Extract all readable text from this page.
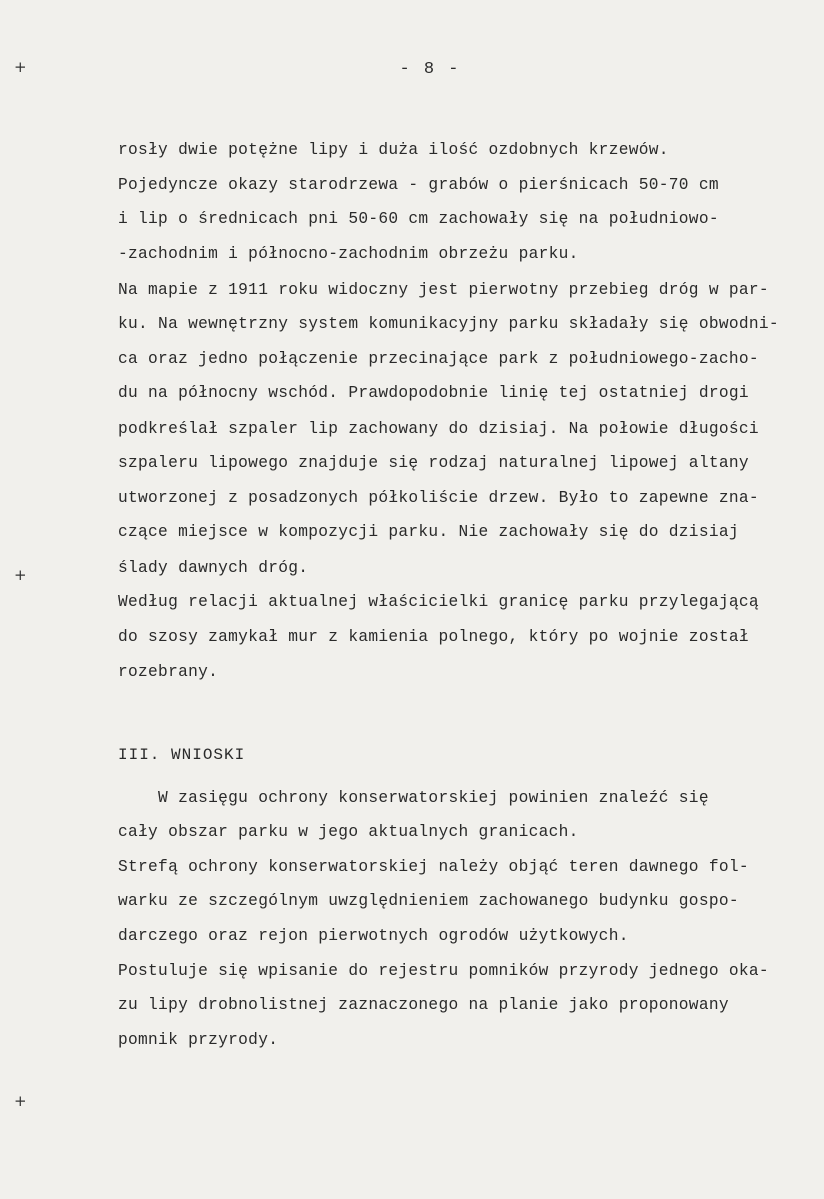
+
+
+
- 8 -
rosły dwie potężne lipy i duża ilość ozdobnych krzewów.
Pojedyncze okazy starodrzewa - grabów o pierśnicach 50-70 cm
i lip o średnicach pni 50-60 cm zachowały się na południowo-
-zachodnim i północno-zachodnim obrzeżu parku.
Na mapie z 1911 roku widoczny jest pierwotny przebieg dróg w par-
ku. Na wewnętrzny system komunikacyjny parku składały się obwodni-
ca oraz jedno połączenie przecinające park z południowego-zacho-
du na północny wschód. Prawdopodobnie linię tej ostatniej drogi
podkreślał szpaler lip zachowany do dzisiaj. Na połowie długości
szpaleru lipowego znajduje się rodzaj naturalnej lipowej altany
utworzonej z posadzonych półkoliście drzew. Było to zapewne zna-
czące miejsce w kompozycji parku. Nie zachowały się do dzisiaj
ślady dawnych dróg.
Według relacji aktualnej właścicielki granicę parku przylegającą
do szosy zamykał mur z kamienia polnego, który po wojnie został
rozebrany.
III. WNIOSKI
W zasięgu ochrony konserwatorskiej powinien znaleźć się
cały obszar parku w jego aktualnych granicach.
Strefą ochrony konserwatorskiej należy objąć teren dawnego fol-
warku ze szczególnym uwzględnieniem zachowanego budynku gospo-
darczego oraz rejon pierwotnych ogrodów użytkowych.
Postuluje się wpisanie do rejestru pomników przyrody jednego oka-
zu lipy drobnolistnej zaznaczonego na planie jako proponowany
pomnik przyrody.
